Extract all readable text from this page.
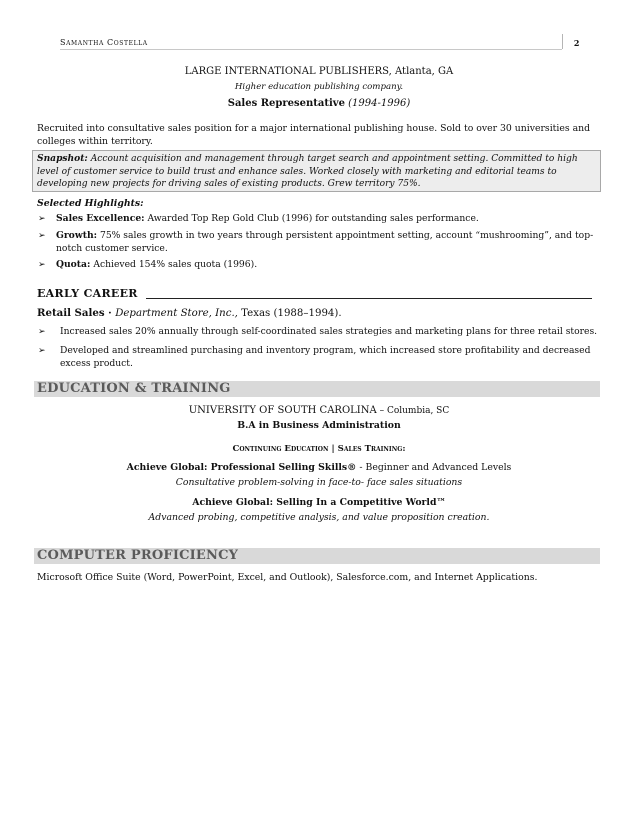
Samantha Costella	2
LARGE INTERNATIONAL PUBLISHERS, Atlanta, GA
Higher education publishing company.
Sales Representative (1994-1996)
Recruited into consultative sales position for a major international publishing house. Sold to over 30 universities and
colleges within territory.
Snapshot: Account acquisition and management through target search and appointment setting. Committed to high
level of customer service to build trust and enhance sales. Worked closely with marketing and editorial teams to
developing new projects for driving sales of existing products. Grew territory 75%.
Selected Highlights:
➢ Sales Excellence: Awarded Top Rep Gold Club (1996) for outstanding sales performance.
➢ Growth: 75% sales growth in two years through persistent appointment setting, account “mushrooming”, and top-
notch customer service.
➢ Quota: Achieved 154% sales quota (1996).
EARLY CAREER
Retail Sales · Department Store, Inc., Texas (1988–1994).
➢ Increased sales 20% annually through self-coordinated sales strategies and marketing plans for three retail stores.
➢ Developed and streamlined purchasing and inventory program, which increased store profitability and decreased
excess product.
EDUCATION & TRAINING
UNIVERSITY OF SOUTH CAROLINA – Columbia, SC
B.A in Business Administration
Continuing Education | Sales Training:
Achieve Global: Professional Selling Skills® - Beginner and Advanced Levels
Consultative problem-solving in face-to- face sales situations
Achieve Global: Selling In a Competitive World™
Advanced probing, competitive analysis, and value proposition creation.
COMPUTER PROFICIENCY
Microsoft Office Suite (Word, PowerPoint, Excel, and Outlook), Salesforce.com, and Internet Applications.
